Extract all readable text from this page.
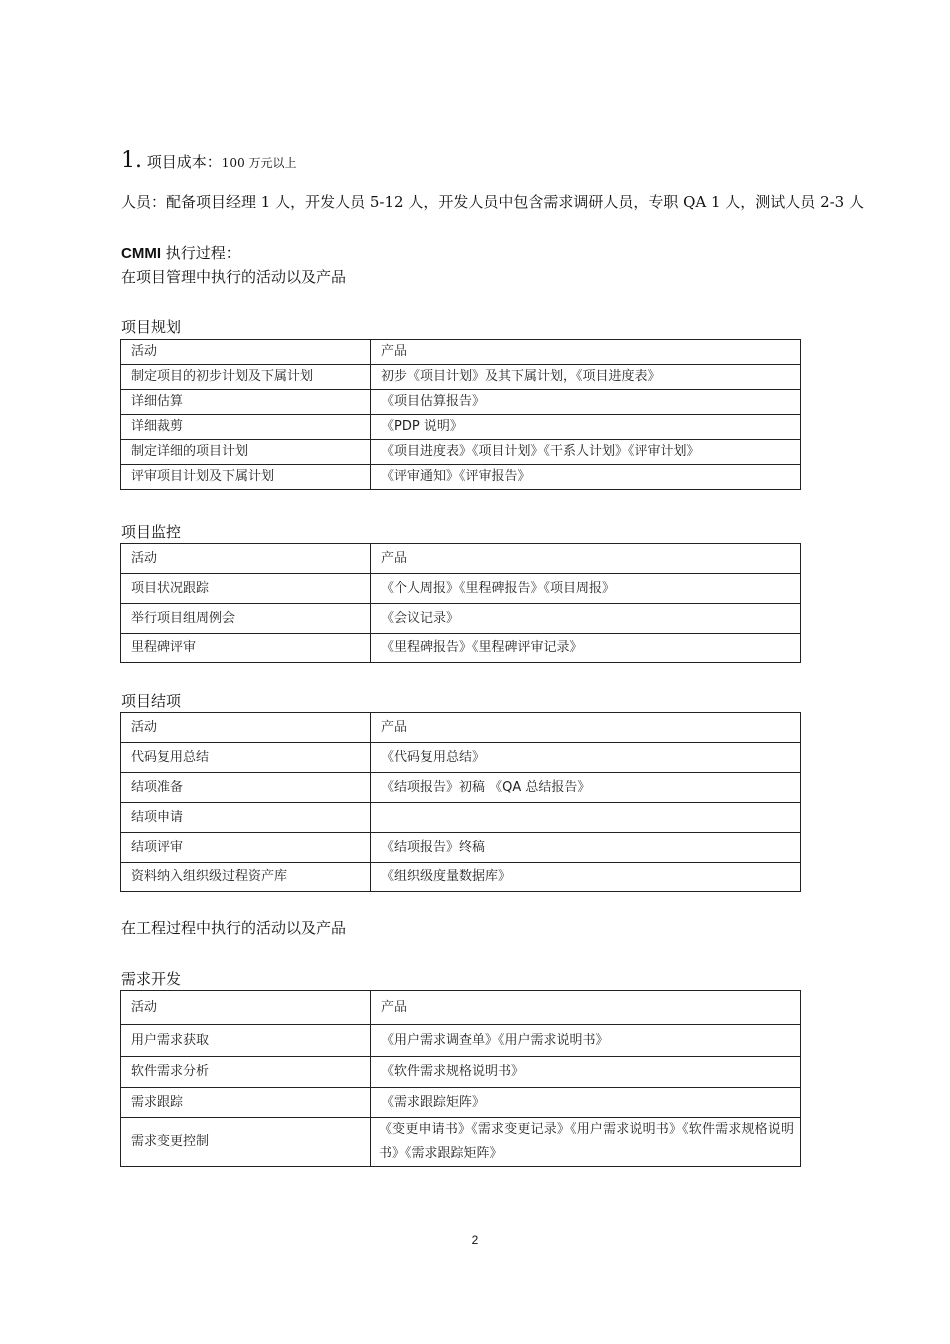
1. 项目成本：100 万元以上

人员：配备项目经理 1 人，开发人员 5-12 人，开发人员中包含需求调研人员，专职 QA 1 人，测试人员 2-3 人

CMMI 执行过程：

在项目管理中执行的活动以及产品

项目规划

活动	产品
制定项目的初步计划及下属计划	初步《项目计划》及其下属计划，《项目进度表》
详细估算	《项目估算报告》
详细裁剪	《PDP 说明》
制定详细的项目计划	《项目进度表》《项目计划》《干系人计划》《评审计划》
评审项目计划及下属计划	《评审通知》《评审报告》

项目监控

活动	产品
项目状况跟踪	《个人周报》《里程碑报告》《项目周报》
举行项目组周例会	《会议记录》
里程碑评审	《里程碑报告》《里程碑评审记录》

项目结项

活动	产品
代码复用总结	《代码复用总结》
结项准备	《结项报告》初稿 《QA 总结报告》
结项申请	
结项评审	《结项报告》终稿
资料纳入组织级过程资产库	《组织级度量数据库》

在工程过程中执行的活动以及产品

需求开发

活动	产品
用户需求获取	《用户需求调查单》《用户需求说明书》
软件需求分析	《软件需求规格说明书》
需求跟踪	《需求跟踪矩阵》
需求变更控制	《变更申请书》《需求变更记录》《用户需求说明书》《软件需求规格说明书》《需求跟踪矩阵》
2
